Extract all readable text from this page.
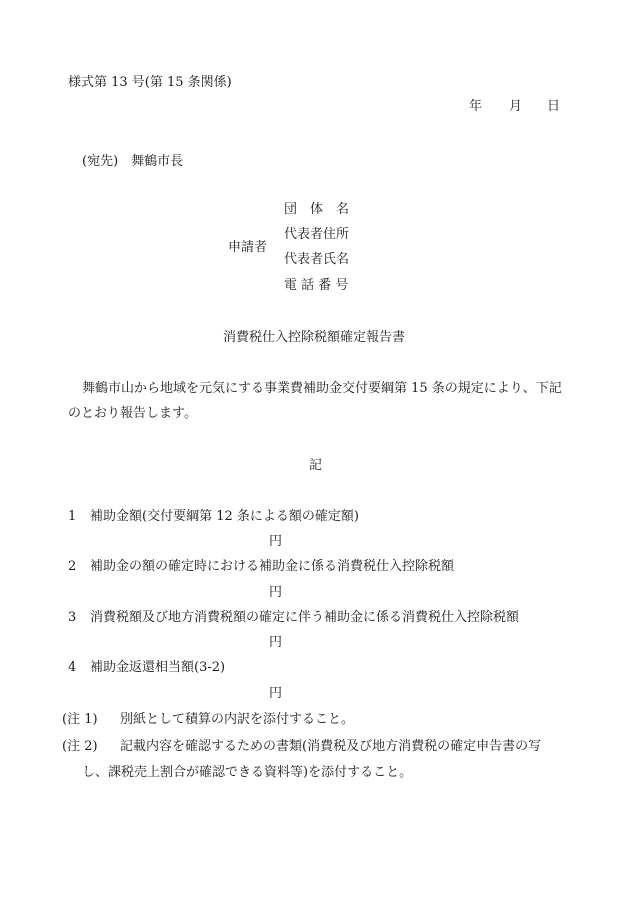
様式第 13 号(第 15 条関係)
年 月 日
(宛先)　舞鶴市長
申請者
団　体　名
代表者住所
代表者氏名
電 話 番 号
消費税仕入控除税額確定報告書
舞鶴市山から地域を元気にする事業費補助金交付要綱第 15 条の規定により、下記
のとおり報告します。
記
1 補助金額(交付要綱第 12 条による額の確定額)
円
2 補助金の額の確定時における補助金に係る消費税仕入控除税額
円
3 消費税額及び地方消費税額の確定に伴う補助金に係る消費税仕入控除税額
円
4 補助金返還相当額(3-2)
円
(注 1) 別紙として積算の内訳を添付すること。
(注 2) 記載内容を確認するための書類(消費税及び地方消費税の確定申告書の写
し、課税売上割合が確認できる資料等)を添付すること。
